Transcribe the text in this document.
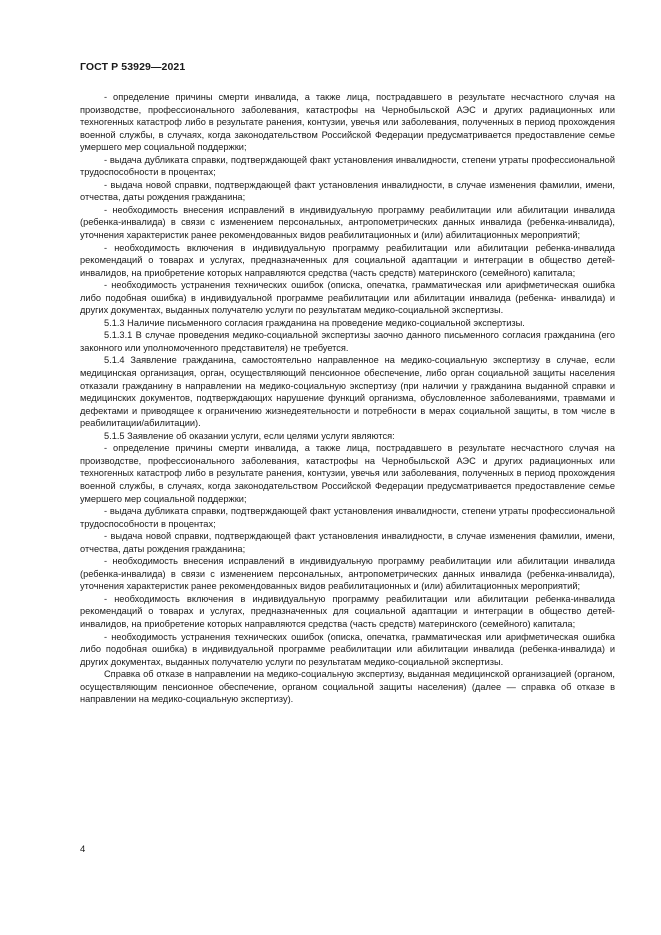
ГОСТ Р 53929—2021

- определение причины смерти инвалида, а также лица, пострадавшего в результате несчастного случая на производстве, профессионального заболевания, катастрофы на Чернобыльской АЭС и других радиационных или техногенных катастроф либо в результате ранения, контузии, увечья или заболевания, полученных в период прохождения военной службы, в случаях, когда законодательством Российской Федерации предусматривается предоставление семье умершего мер социальной поддержки;

- выдача дубликата справки, подтверждающей факт установления инвалидности, степени утраты профессиональной трудоспособности в процентах;

- выдача новой справки, подтверждающей факт установления инвалидности, в случае изменения фамилии, имени, отчества, даты рождения гражданина;

- необходимость внесения исправлений в индивидуальную программу реабилитации или абилитации инвалида (ребенка-инвалида) в связи с изменением персональных, антропометрических данных инвалида (ребенка-инвалида), уточнения характеристик ранее рекомендованных видов реабилитационных и (или) абилитационных мероприятий;

- необходимость включения в индивидуальную программу реабилитации или абилитации ребенка-инвалида рекомендаций о товарах и услугах, предназначенных для социальной адаптации и интеграции в общество детей-инвалидов, на приобретение которых направляются средства (часть средств) материнского (семейного) капитала;

- необходимость устранения технических ошибок (описка, опечатка, грамматическая или арифметическая ошибка либо подобная ошибка) в индивидуальной программе реабилитации или абилитации инвалида (ребенка- инвалида) и других документах, выданных получателю услуги по результатам медико-социальной экспертизы.

5.1.3 Наличие письменного согласия гражданина на проведение медико-социальной экспертизы.

5.1.3.1 В случае проведения медико-социальной экспертизы заочно данного письменного согласия гражданина (его законного или уполномоченного представителя) не требуется.

5.1.4 Заявление гражданина, самостоятельно направленное на медико-социальную экспертизу в случае, если медицинская организация, орган, осуществляющий пенсионное обеспечение, либо орган социальной защиты населения отказали гражданину в направлении на медико-социальную экспертизу (при наличии у гражданина выданной справки и медицинских документов, подтверждающих нарушение функций организма, обусловленное заболеваниями, травмами и дефектами и приводящее к ограничению жизнедеятельности и потребности в мерах социальной защиты, в том числе в реабилитации/абилитации).

5.1.5 Заявление об оказании услуги, если целями услуги являются:

- определение причины смерти инвалида, а также лица, пострадавшего в результате несчастного случая на производстве, профессионального заболевания, катастрофы на Чернобыльской АЭС и других радиационных или техногенных катастроф либо в результате ранения, контузии, увечья или заболевания, полученных в период прохождения военной службы, в случаях, когда законодательством Российской Федерации предусматривается предоставление семье умершего мер социальной поддержки;

- выдача дубликата справки, подтверждающей факт установления инвалидности, степени утраты профессиональной трудоспособности в процентах;

- выдача новой справки, подтверждающей факт установления инвалидности, в случае изменения фамилии, имени, отчества, даты рождения гражданина;

- необходимость внесения исправлений в индивидуальную программу реабилитации или абилитации инвалида (ребенка-инвалида) в связи с изменением персональных, антропометрических данных инвалида (ребенка-инвалида), уточнения характеристик ранее рекомендованных видов реабилитационных и (или) абилитационных мероприятий;

- необходимость включения в индивидуальную программу реабилитации или абилитации ребенка-инвалида рекомендаций о товарах и услугах, предназначенных для социальной адаптации и интеграции в общество детей-инвалидов, на приобретение которых направляются средства (часть средств) материнского (семейного) капитала;

- необходимость устранения технических ошибок (описка, опечатка, грамматическая или арифметическая ошибка либо подобная ошибка) в индивидуальной программе реабилитации или абилитации инвалида (ребенка-инвалида) и других документах, выданных получателю услуги по результатам медико-социальной экспертизы.

Справка об отказе в направлении на медико-социальную экспертизу, выданная медицинской организацией (органом, осуществляющим пенсионное обеспечение, органом социальной защиты населения) (далее — справка об отказе в направлении на медико-социальную экспертизу).

4
